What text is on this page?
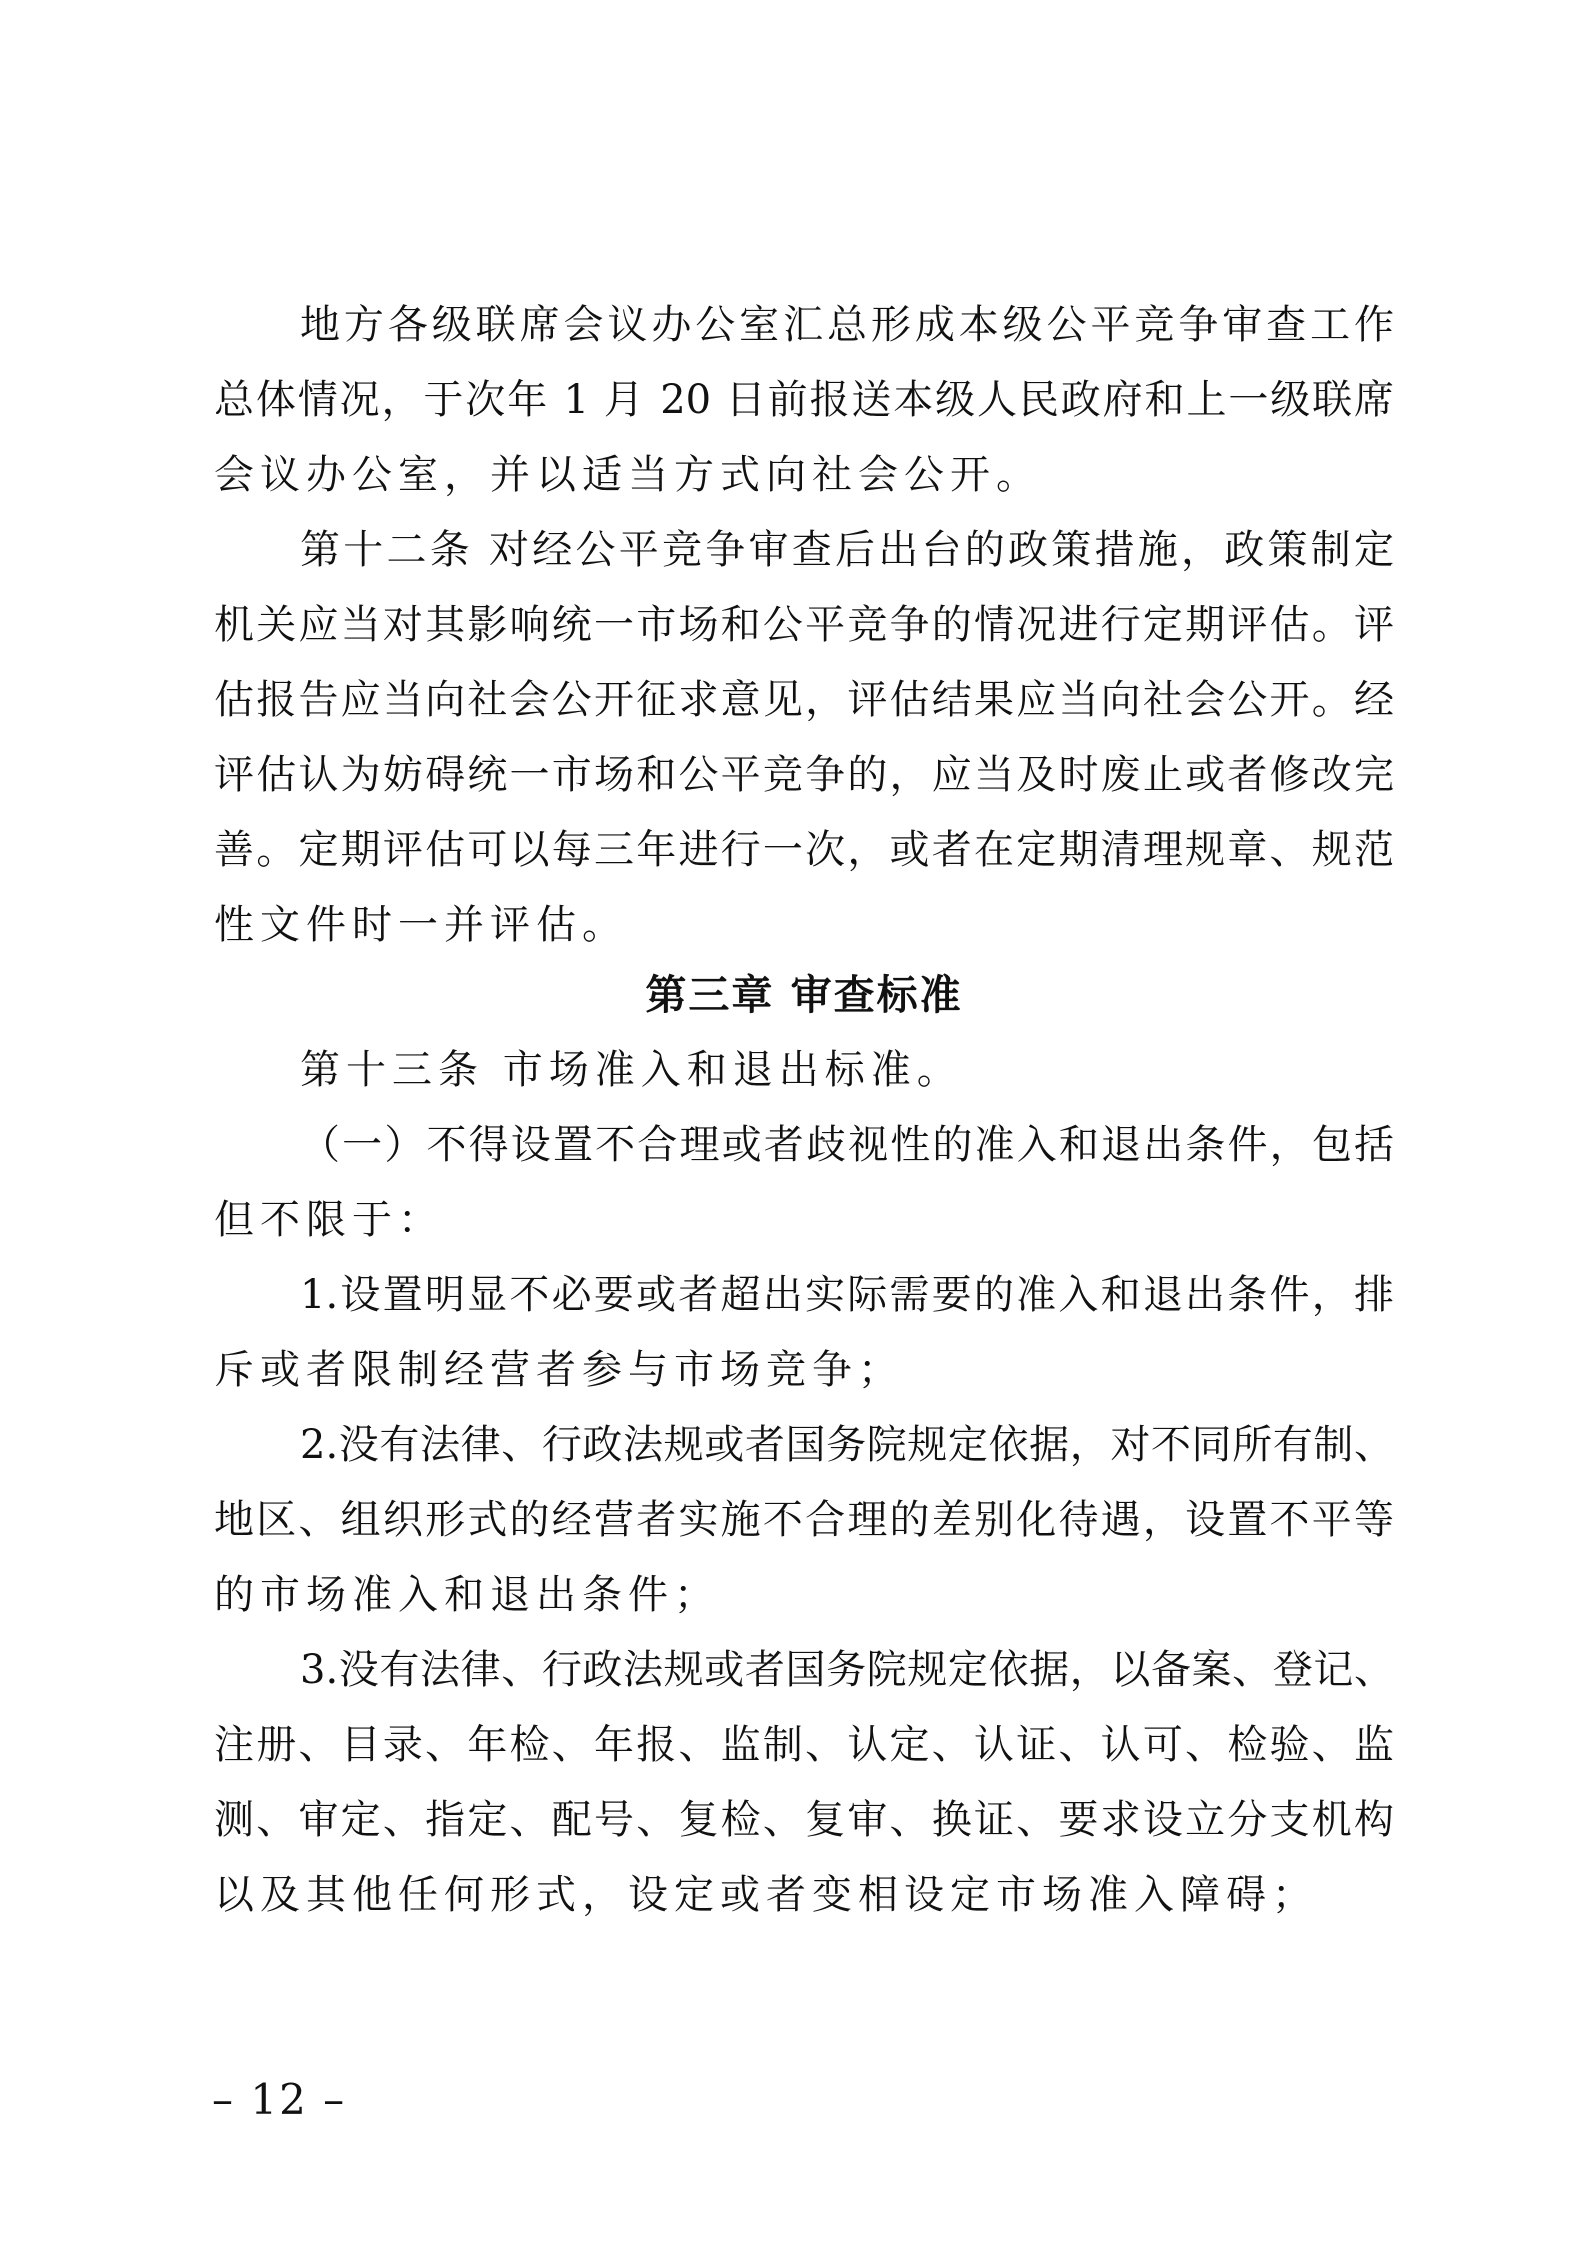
地方各级联席会议办公室汇总形成本级公平竞争审查工作
总体情况，于次年 1 月 20 日前报送本级人民政府和上一级联席
会议办公室，并以适当方式向社会公开。
第十二条 对经公平竞争审查后出台的政策措施，政策制定
机关应当对其影响统一市场和公平竞争的情况进行定期评估。评
估报告应当向社会公开征求意见，评估结果应当向社会公开。经
评估认为妨碍统一市场和公平竞争的，应当及时废止或者修改完
善。定期评估可以每三年进行一次，或者在定期清理规章、规范
性文件时一并评估。
第三章 审查标准
第十三条 市场准入和退出标准。
（一）不得设置不合理或者歧视性的准入和退出条件，包括
但不限于：
1.设置明显不必要或者超出实际需要的准入和退出条件，排
斥或者限制经营者参与市场竞争；
2.没有法律、行政法规或者国务院规定依据，对不同所有制、
地区、组织形式的经营者实施不合理的差别化待遇，设置不平等
的市场准入和退出条件；
3.没有法律、行政法规或者国务院规定依据，以备案、登记、
注册、目录、年检、年报、监制、认定、认证、认可、检验、监
测、审定、指定、配号、复检、复审、换证、要求设立分支机构
以及其他任何形式，设定或者变相设定市场准入障碍；
– 12 –
